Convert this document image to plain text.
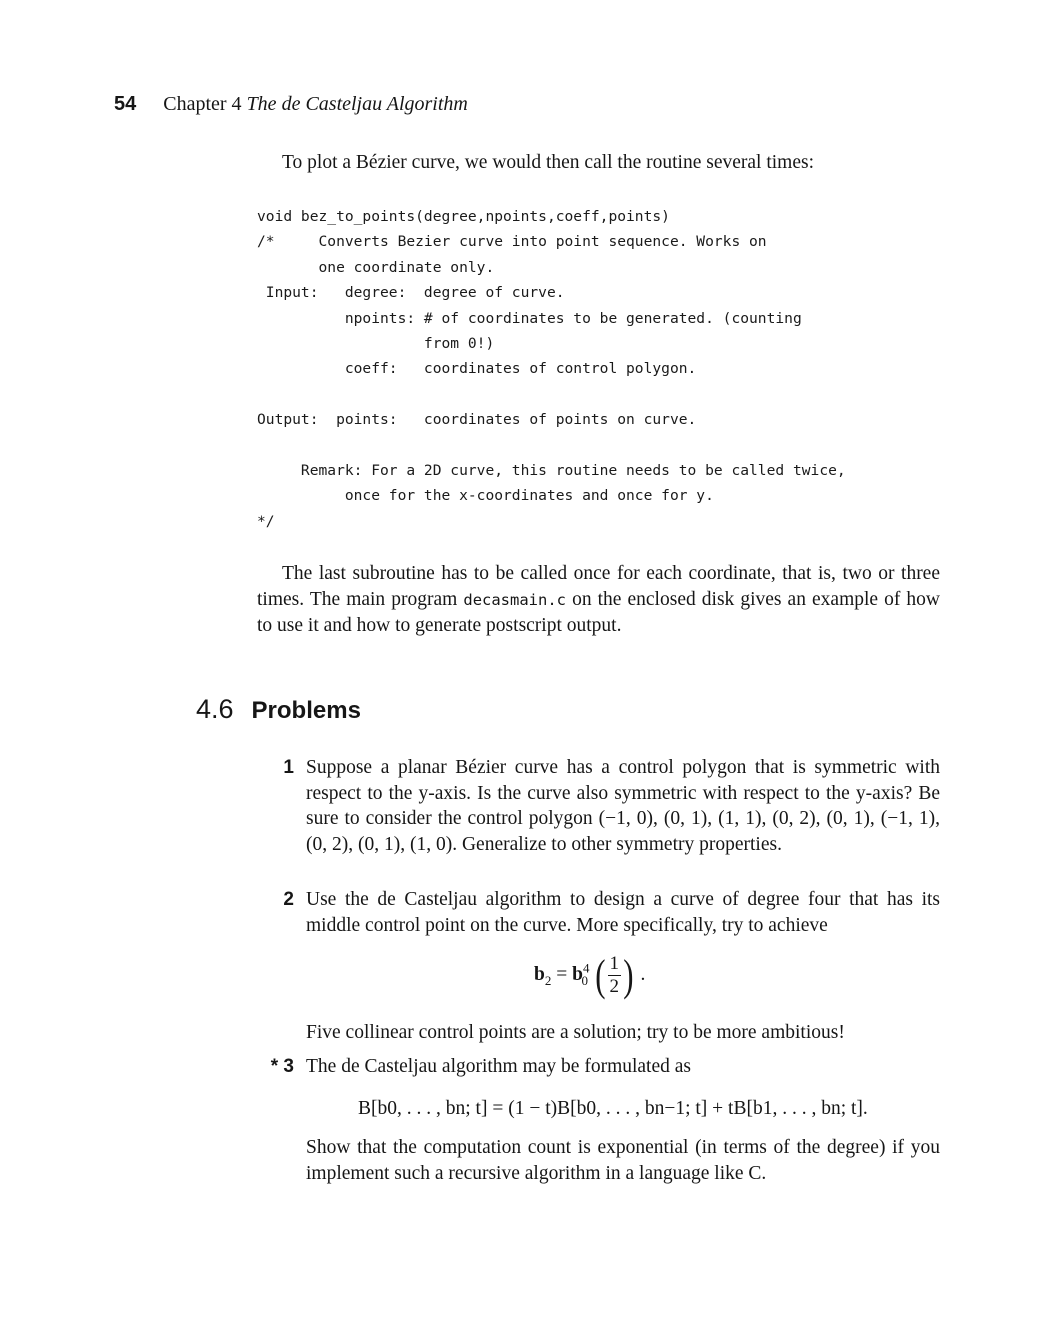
54 Chapter 4 The de Casteljau Algorithm
To plot a Bézier curve, we would then call the routine several times:
void bez_to_points(degree,npoints,coeff,points)
/*     Converts Bezier curve into point sequence. Works on
one coordinate only.
Input:   degree:  degree of curve.
npoints: # of coordinates to be generated. (counting
from 0!)
coeff:   coordinates of control polygon.

Output:  points:   coordinates of points on curve.

Remark: For a 2D curve, this routine needs to be called twice,
once for the x-coordinates and once for y.
*/

The last subroutine has to be called once for each coordinate, that is, two or three times. The main program decasmain.c on the enclosed disk gives an example of how to use it and how to generate postscript output.

4.6 Problems
1 Suppose a planar Bézier curve has a control polygon that is symmetric with respect to the y-axis. Is the curve also symmetric with respect to the y-axis? Be sure to consider the control polygon (−1, 0), (0, 1), (1, 1), (0, 2), (0, 1), (−1, 1), (0, 2), (0, 1), (1, 0). Generalize to other symmetry properties.

2 Use the de Casteljau algorithm to design a curve of degree four that has its middle control point on the curve. More specifically, try to achieve

$b_2 = b^4_0$ ( $\frac{1}{2}$ ) .

Five collinear control points are a solution; try to be more ambitious!

* 3 The de Casteljau algorithm may be formulated as

B[b0, . . . , bn; t] = (1 − t)B[b0, . . . , bn−1; t] + tB[b1, . . . , bn; t].

Show that the computation count is exponential (in terms of the degree) if you implement such a recursive algorithm in a language like C.
